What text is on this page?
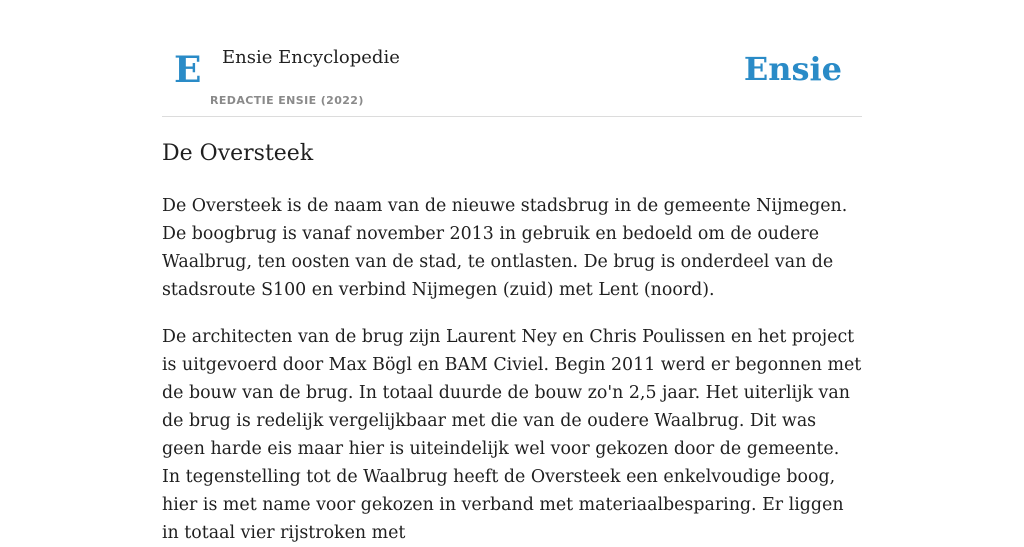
E Ensie Encyclopedie
REDACTIE ENSIE (2022)
Ensie
De Oversteek

De Oversteek is de naam van de nieuwe stadsbrug in de gemeente Nijmegen. De boogbrug is vanaf november 2013 in gebruik en bedoeld om de oudere Waalbrug, ten oosten van de stad, te ontlasten. De brug is onderdeel van de stadsroute S100 en verbind Nijmegen (zuid) met Lent (noord).

De architecten van de brug zijn Laurent Ney en Chris Poulissen en het project is uitgevoerd door Max Bögl en BAM Civiel. Begin 2011 werd er begonnen met de bouw van de brug. In totaal duurde de bouw zo'n 2,5 jaar. Het uiterlijk van de brug is redelijk vergelijkbaar met die van de oudere Waalbrug. Dit was geen harde eis maar hier is uiteindelijk wel voor gekozen door de gemeente. In tegenstelling tot de Waalbrug heeft de Oversteek een enkelvoudige boog, hier is met name voor gekozen in verband met materiaalbesparing. Er liggen in totaal vier rijstroken met
